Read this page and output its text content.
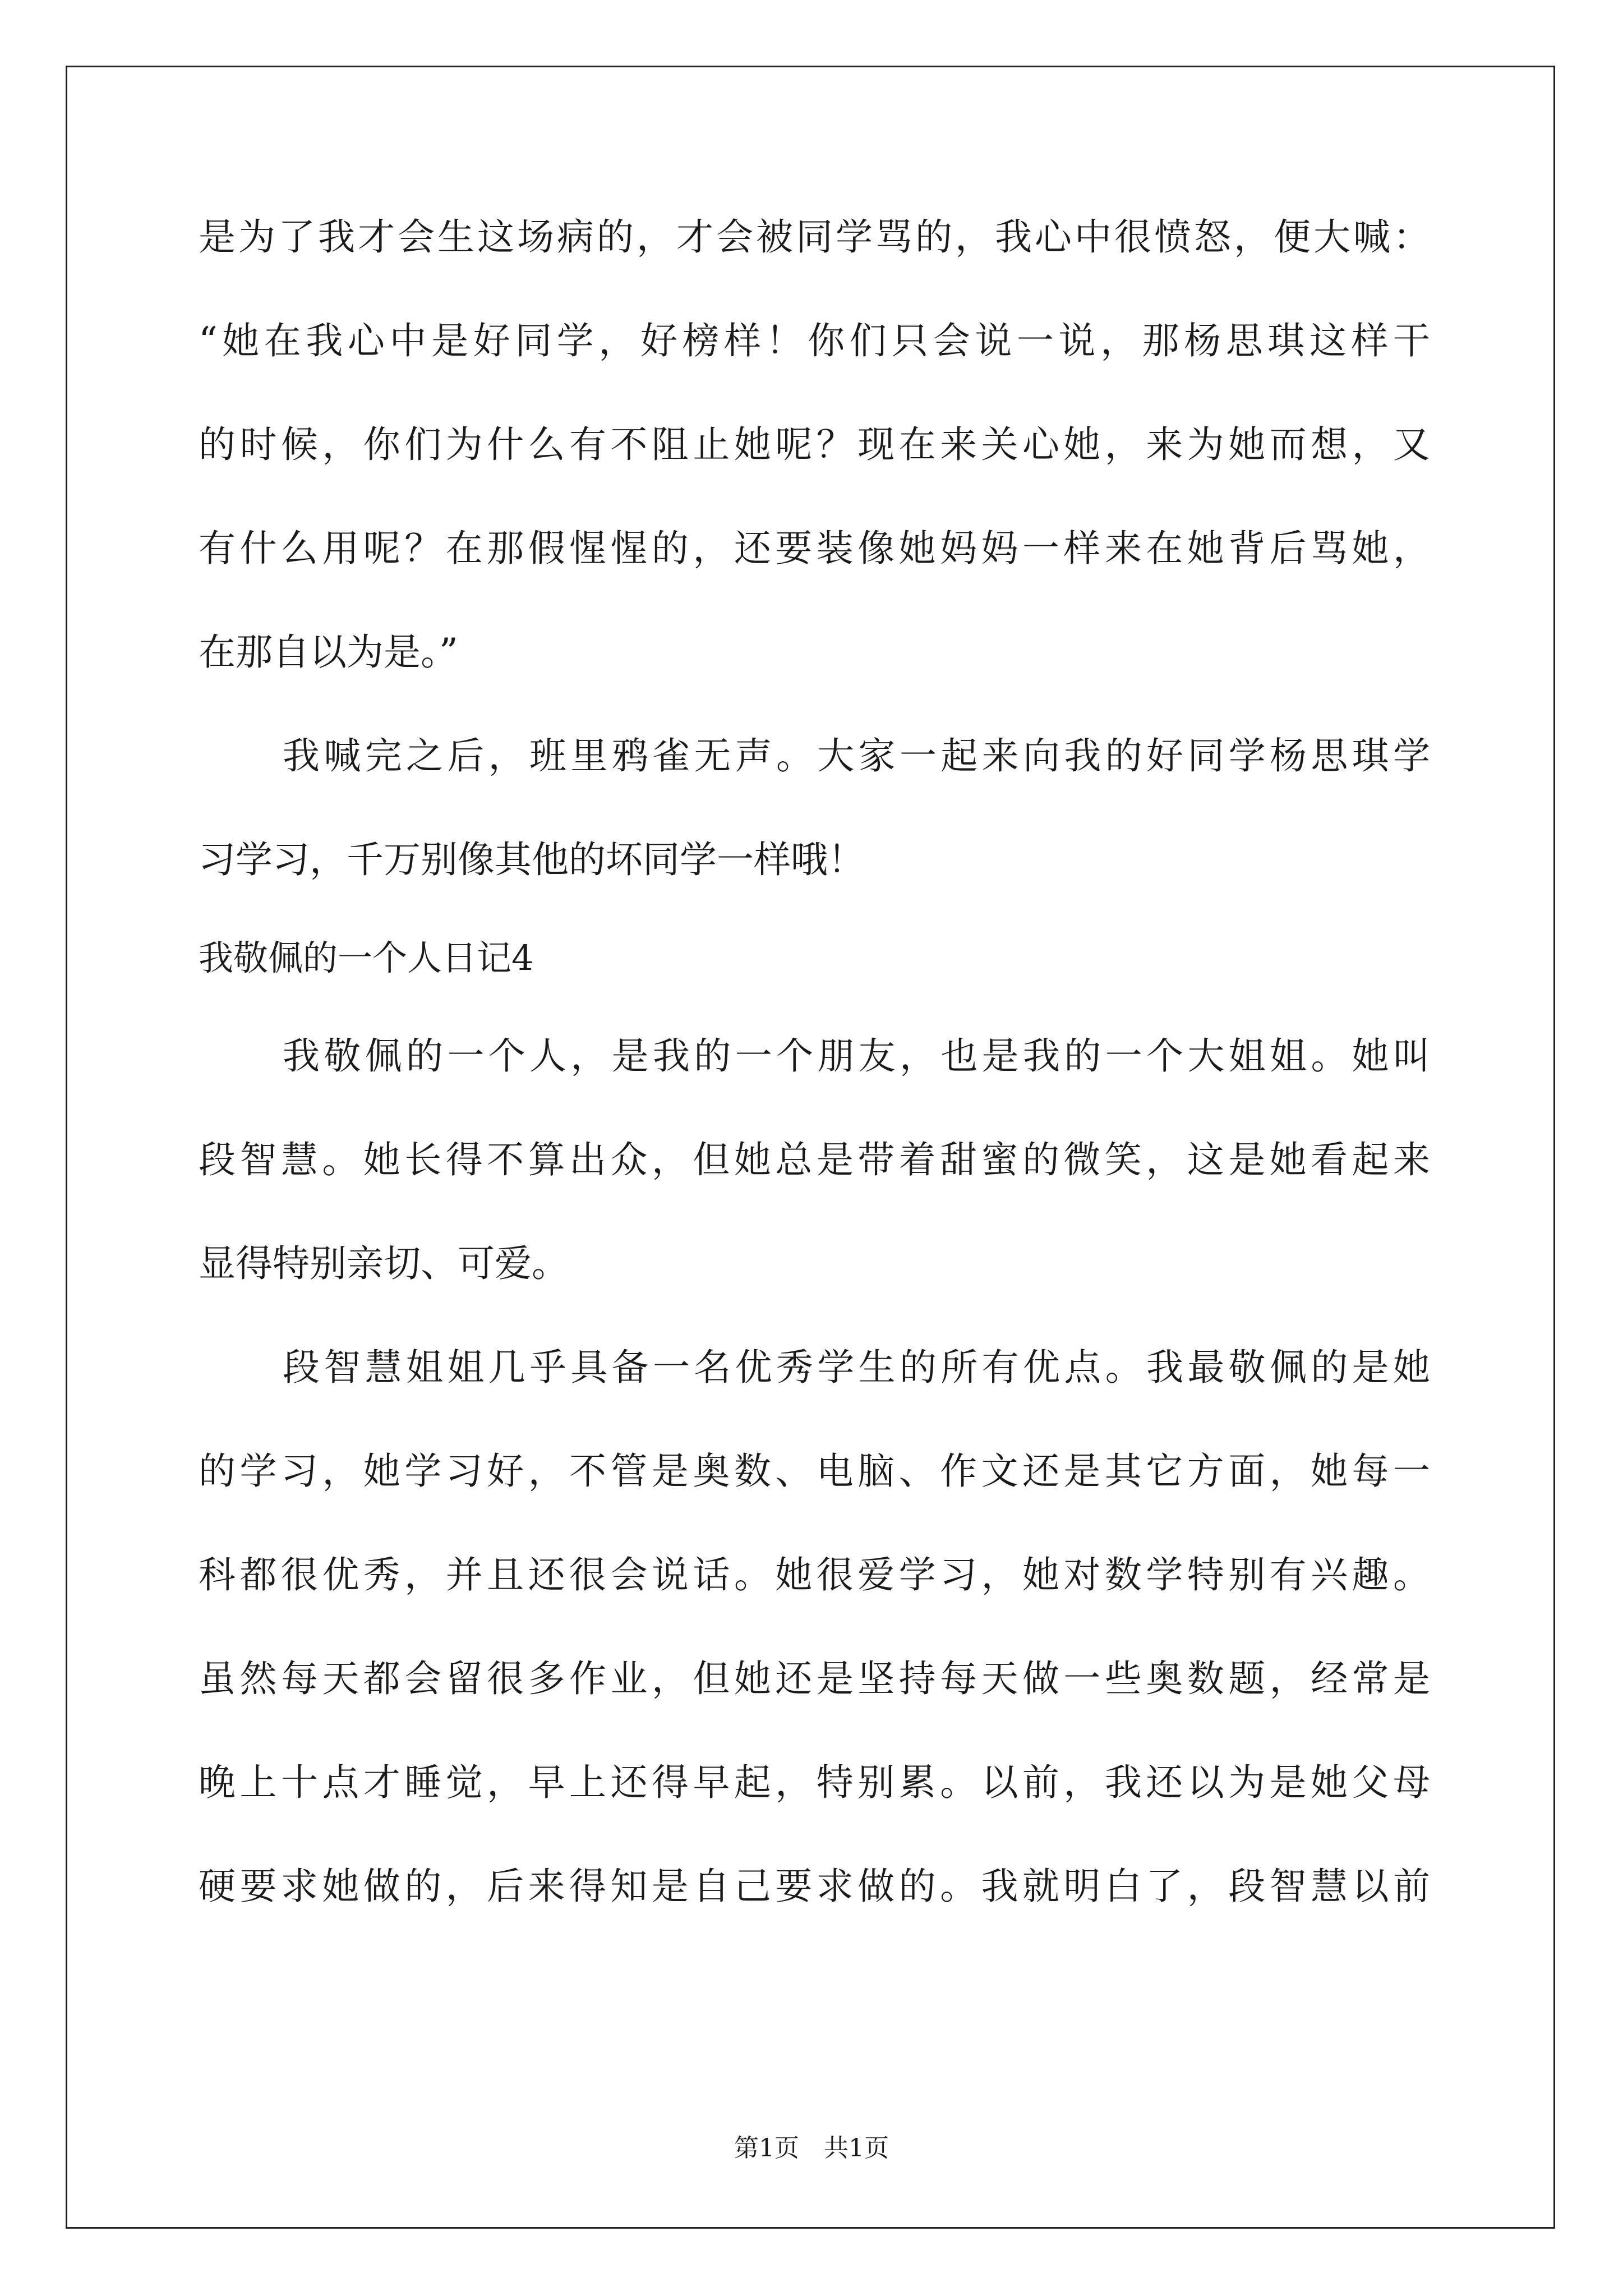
是为了我才会生这场病的，才会被同学骂的，我心中很愤怒，便大喊：
“她在我心中是好同学，好榜样！你们只会说一说，那杨思琪这样干
的时候，你们为什么有不阻止她呢？现在来关心她，来为她而想，又
有什么用呢？在那假惺惺的，还要装像她妈妈一样来在她背后骂她，
在那自以为是。”
我喊完之后，班里鸦雀无声。大家一起来向我的好同学杨思琪学
习学习，千万别像其他的坏同学一样哦！
我敬佩的一个人日记4
我敬佩的一个人，是我的一个朋友，也是我的一个大姐姐。她叫
段智慧。她长得不算出众，但她总是带着甜蜜的微笑，这是她看起来
显得特别亲切、可爱。
段智慧姐姐几乎具备一名优秀学生的所有优点。我最敬佩的是她
的学习，她学习好，不管是奥数、电脑、作文还是其它方面，她每一
科都很优秀，并且还很会说话。她很爱学习，她对数学特别有兴趣。
虽然每天都会留很多作业，但她还是坚持每天做一些奥数题，经常是
晚上十点才睡觉，早上还得早起，特别累。以前，我还以为是她父母
硬要求她做的，后来得知是自己要求做的。我就明白了，段智慧以前
第1页　共1页
